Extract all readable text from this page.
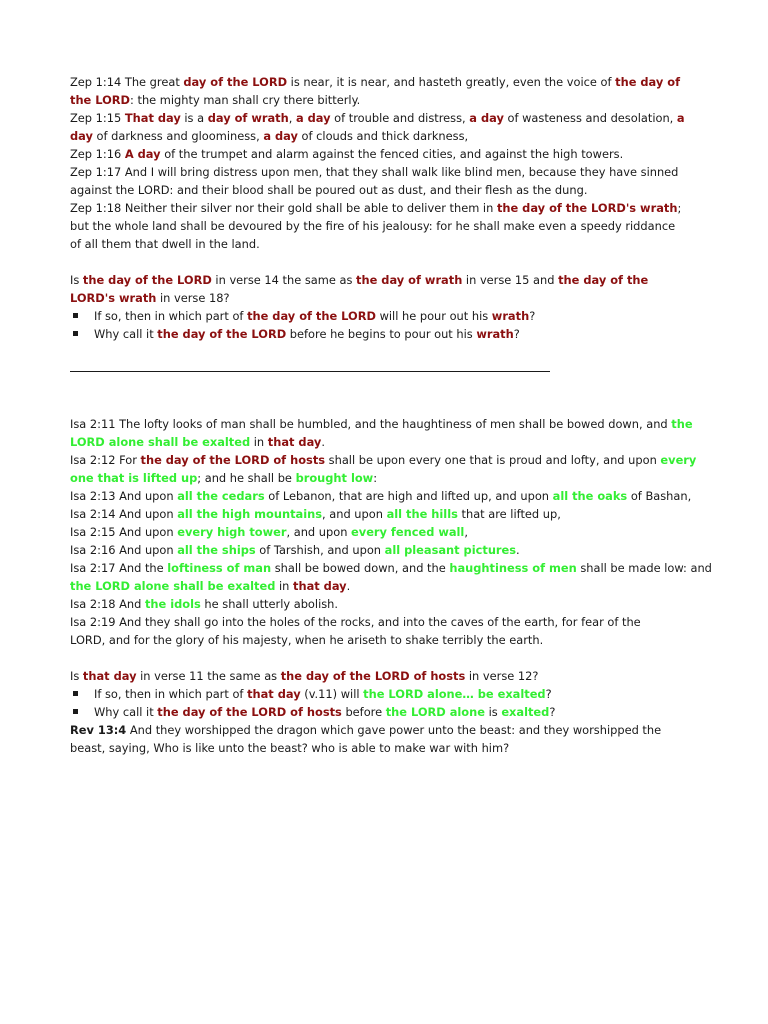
Zep 1:14 The great day of the LORD is near, it is near, and hasteth greatly, even the voice of the day of

the LORD: the mighty man shall cry there bitterly.

Zep 1:15 That day is a day of wrath, a day of trouble and distress, a day of wasteness and desolation, a

day of darkness and gloominess, a day of clouds and thick darkness,

Zep 1:16 A day of the trumpet and alarm against the fenced cities, and against the high towers.

Zep 1:17 And I will bring distress upon men, that they shall walk like blind men, because they have sinned

against the LORD: and their blood shall be poured out as dust, and their flesh as the dung.

Zep 1:18 Neither their silver nor their gold shall be able to deliver them in the day of the LORD's wrath;

but the whole land shall be devoured by the fire of his jealousy: for he shall make even a speedy riddance

of all them that dwell in the land.

Is the day of the LORD in verse 14 the same as the day of wrath in verse 15 and the day of the

LORD's wrath in verse 18?

If so, then in which part of the day of the LORD will he pour out his wrath?

Why call it the day of the LORD before he begins to pour out his wrath?

Isa 2:11 The lofty looks of man shall be humbled, and the haughtiness of men shall be bowed down, and the

LORD alone shall be exalted in that day.

Isa 2:12 For the day of the LORD of hosts shall be upon every one that is proud and lofty, and upon every

one that is lifted up; and he shall be brought low:

Isa 2:13 And upon all the cedars of Lebanon, that are high and lifted up, and upon all the oaks of Bashan,

Isa 2:14 And upon all the high mountains, and upon all the hills that are lifted up,

Isa 2:15 And upon every high tower, and upon every fenced wall,

Isa 2:16 And upon all the ships of Tarshish, and upon all pleasant pictures.

Isa 2:17 And the loftiness of man shall be bowed down, and the haughtiness of men shall be made low: and

the LORD alone shall be exalted in that day.

Isa 2:18 And the idols he shall utterly abolish.

Isa 2:19 And they shall go into the holes of the rocks, and into the caves of the earth, for fear of the

LORD, and for the glory of his majesty, when he ariseth to shake terribly the earth.

Is that day in verse 11 the same as the day of the LORD of hosts in verse 12?

If so, then in which part of that day (v.11) will the LORD alone… be exalted?

Why call it the day of the LORD of hosts before the LORD alone is exalted?

Rev 13:4 And they worshipped the dragon which gave power unto the beast: and they worshipped the

beast, saying, Who is like unto the beast? who is able to make war with him?
